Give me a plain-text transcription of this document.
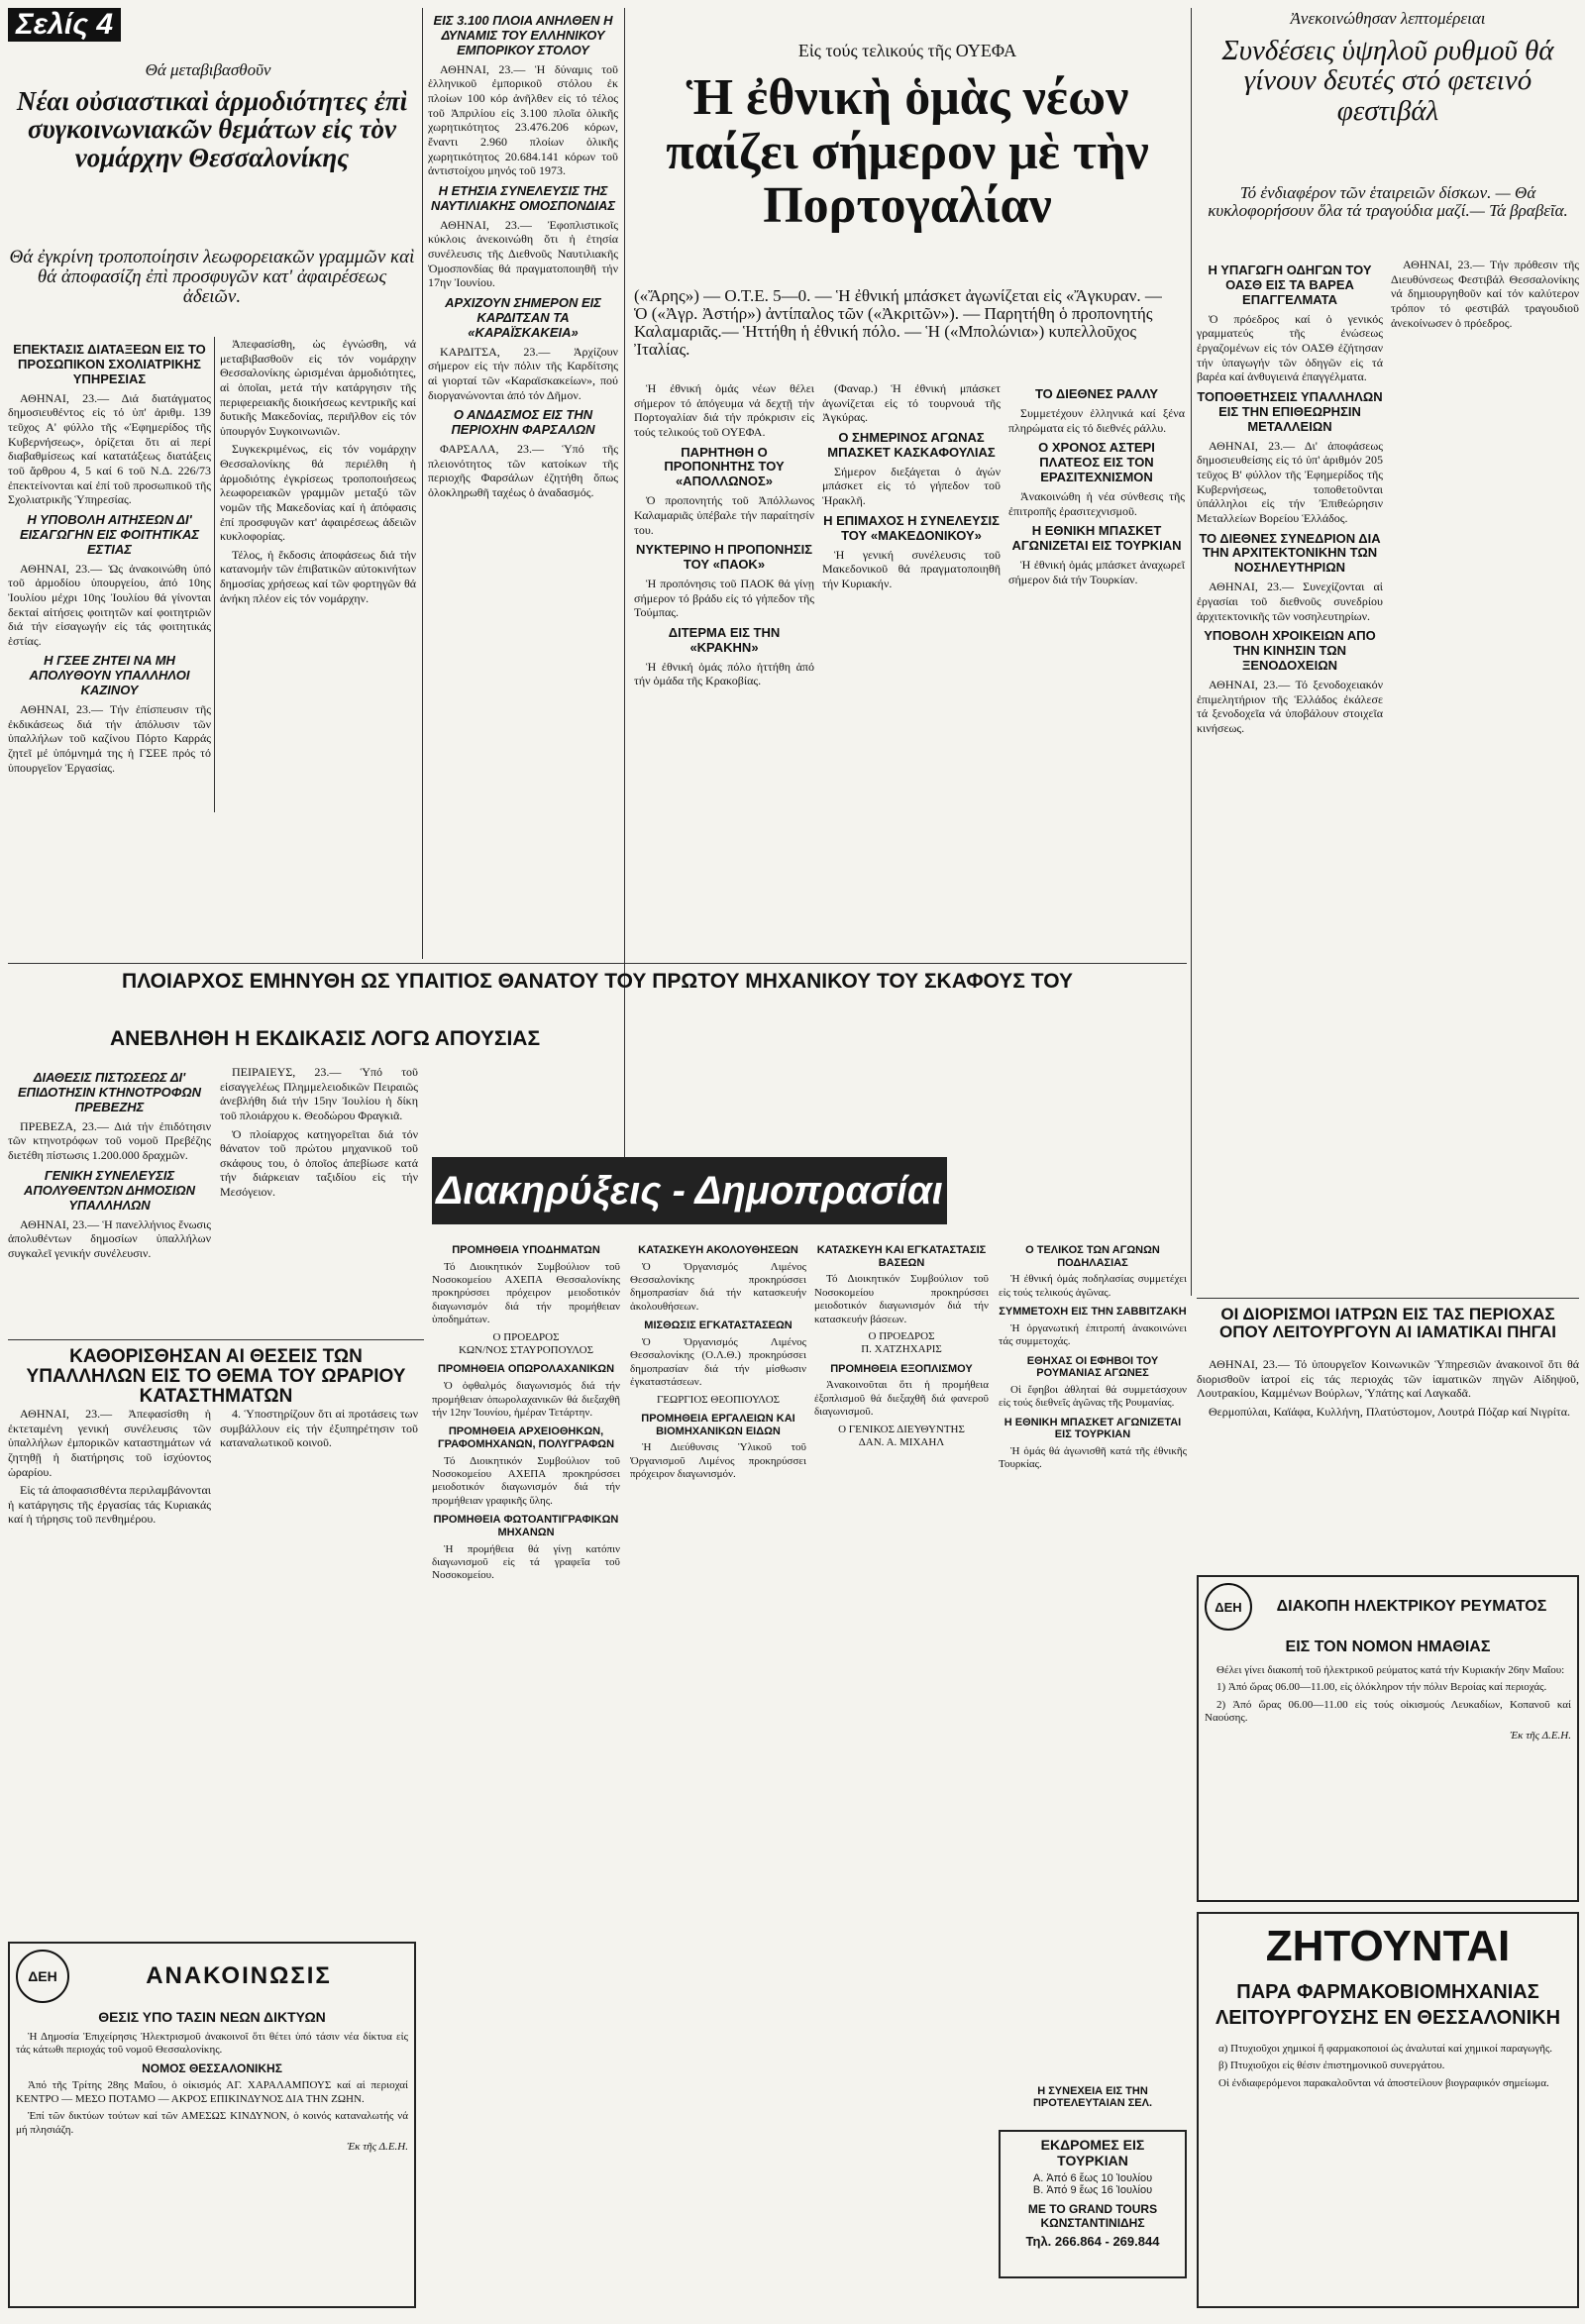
Σελίς 4
Θά μεταβιβασθοῦν
Νέαι οὐσιαστικαὶ ἁρμοδιότητες ἐπὶ συγκοινωνιακῶν θεμάτων εἰς τὸν νομάρχην Θεσσαλονίκης
Θά ἐγκρίνη τροποποίησιν λεωφορειακῶν γραμμῶν καὶ θά ἀποφασίζη ἐπὶ προσφυγῶν κατ' ἀφαιρέσεως ἀδειῶν.
ΕΠΕΚΤΑΣΙΣ ΔΙΑΤΑΞΕΩΝ ΕΙΣ ΤΟ ΠΡΟΣΩΠΙΚΟΝ ΣΧΟΛΙΑΤΡΙΚΗΣ ΥΠΗΡΕΣΙΑΣ

ΑΘΗΝΑΙ, 23.— Διά διατάγματος δημοσιευθέντος εἰς τό ὑπ' ἀριθμ. 139 τεῦχος Α' φύλλο τῆς «Ἐφημερίδος τῆς Κυβερνήσεως», ὁρίζεται ὅτι αἱ περί διαβαθμίσεως καί κατατάξεως διατάξεις τοῦ ἄρθρου 4, 5 καί 6 τοῦ Ν.Δ. 226/73 ἐπεκτείνονται καί ἐπί τοῦ προσωπικοῦ τῆς Σχολιατρικῆς Ὑπηρεσίας.

Η ΥΠΟΒΟΛΗ ΑΙΤΗΣΕΩΝ ΔΙ' ΕΙΣΑΓΩΓΗΝ ΕΙΣ ΦΟΙΤΗΤΙΚΑΣ ΕΣΤΙΑΣ

ΑΘΗΝΑΙ, 23.— Ὡς ἀνακοινώθη ὑπό τοῦ ἁρμοδίου ὑπουργείου, ἀπό 10ης Ἰουλίου μέχρι 10ης Ἰουλίου θά γίνονται δεκταί αἰτήσεις φοιτητῶν καί φοιτητριῶν διά τήν εἰσαγωγήν εἰς τάς φοιτητικάς ἑστίας.

Η ΓΣΕΕ ΖΗΤΕΙ ΝΑ ΜΗ ΑΠΟΛΥΘΟΥΝ ΥΠΑΛΛΗΛΟΙ ΚΑΖΙΝΟΥ

ΑΘΗΝΑΙ, 23.— Τήν ἐπίσπευσιν τῆς ἐκδικάσεως διά τήν ἀπόλυσιν τῶν ὑπαλλήλων τοῦ καζίνου Πόρτο Καρράς ζητεῖ μέ ὑπόμνημά της ἡ ΓΣΕΕ πρός τό ὑπουργεῖον Ἐργασίας.

Ἀπεφασίσθη, ὡς ἐγνώσθη, νά μεταβιβασθοῦν εἰς τόν νομάρχην Θεσσαλονίκης ὡρισμέναι ἁρμοδιότητες, αἱ ὁποῖαι, μετά τήν κατάργησιν τῆς περιφερειακῆς διοικήσεως κεντρικῆς καί δυτικῆς Μακεδονίας, περιῆλθον εἰς τόν ὑπουργόν Συγκοινωνιῶν.

Συγκεκριμένως, εἰς τόν νομάρχην Θεσσαλονίκης θά περιέλθη ἡ ἁρμοδιότης ἐγκρίσεως τροποποιήσεως λεωφορειακῶν γραμμῶν μεταξύ τῶν νομῶν τῆς Μακεδονίας καί ἡ ἀπόφασις ἐπί προσφυγῶν κατ' ἀφαιρέσεως ἀδειῶν κυκλοφορίας.

Τέλος, ἡ ἔκδοσις ἀποφάσεως διά τήν κατανομήν τῶν ἐπιβατικῶν αὐτοκινήτων δημοσίας χρήσεως καί τῶν φορτηγῶν θά ἀνήκη πλέον εἰς τόν νομάρχην.

ΕΙΣ 3.100 ΠΛΟΙΑ ΑΝΗΛΘΕΝ Η ΔΥΝΑΜΙΣ ΤΟΥ ΕΛΛΗΝΙΚΟΥ ΕΜΠΟΡΙΚΟΥ ΣΤΟΛΟΥ

ΑΘΗΝΑΙ, 23.— Ἡ δύναμις τοῦ ἑλληνικοῦ ἐμπορικοῦ στόλου ἐκ πλοίων 100 κόρ ἀνῆλθεν εἰς τό τέλος τοῦ Ἀπριλίου εἰς 3.100 πλοῖα ὁλικῆς χωρητικότητος 23.476.206 κόρων, ἔναντι 2.960 πλοίων ὁλικῆς χωρητικότητος 20.684.141 κόρων τοῦ ἀντιστοίχου μηνός τοῦ 1973.

Η ΕΤΗΣΙΑ ΣΥΝΕΛΕΥΣΙΣ ΤΗΣ ΝΑΥΤΙΛΙΑΚΗΣ ΟΜΟΣΠΟΝΔΙΑΣ

ΑΘΗΝΑΙ, 23.— Ἐφοπλιστικοῖς κύκλοις ἀνεκοινώθη ὅτι ἡ ἐτησία συνέλευσις τῆς Διεθνοῦς Ναυτιλιακῆς Ὁμοσπονδίας θά πραγματοποιηθῆ τήν 17ην Ἰουνίου.

ΑΡΧΙΖΟΥΝ ΣΗΜΕΡΟΝ ΕΙΣ ΚΑΡΔΙΤΣΑΝ ΤΑ «ΚΑΡΑΪΣΚΑΚΕΙΑ»

ΚΑΡΔΙΤΣΑ, 23.— Ἀρχίζουν σήμερον εἰς τήν πόλιν τῆς Καρδίτσης αἱ γιορταί τῶν «Καραϊσκακείων», πού διοργανώνονται ἀπό τόν Δῆμον.

Ο ΑΝΔΑΣΜΟΣ ΕΙΣ ΤΗΝ ΠΕΡΙΟΧΗΝ ΦΑΡΣΑΛΩΝ

ΦΑΡΣΑΛΑ, 23.— Ὑπό τῆς πλειονότητος τῶν κατοίκων τῆς περιοχῆς Φαρσάλων ἐζητήθη ὅπως ὁλοκληρωθῆ ταχέως ὁ ἀναδασμός.

Εἰς τούς τελικούς τῆς ΟΥΕΦΑ
Ἡ ἐθνικὴ ὁμὰς νέων παίζει σήμερον μὲ τὴν Πορτογαλίαν
(«Ἄρης») — Ο.Τ.Ε. 5—0. — Ἡ ἐθνική μπάσκετ ἀγωνίζεται εἰς «Ἄγκυραν. — Ὁ («Ἀγρ. Ἀστήρ») ἀντίπαλος τῶν («Ἀκριτῶν»). — Παρητήθη ὁ προπονητής Καλαμαριᾶς.— Ἡττήθη ἡ ἐθνική πόλο. — Ἡ («Μπολώνια») κυπελλοῦχος Ἰταλίας.

Ἡ ἐθνική ὁμάς νέων θέλει σήμερον τό ἀπόγευμα νά δεχτῇ τήν Πορτογαλίαν διά τήν πρόκρισιν εἰς τούς τελικούς τοῦ ΟΥΕΦΑ.

ΠΑΡΗΤΗΘΗ Ο ΠΡΟΠΟΝΗΤΗΣ ΤΟΥ «ΑΠΟΛΛΩΝΟΣ»

Ὁ προπονητής τοῦ Ἀπόλλωνος Καλαμαριᾶς ὑπέβαλε τήν παραίτησίν του.

ΝΥΚΤΕΡΙΝΟ Η ΠΡΟΠΟΝΗΣΙΣ ΤΟΥ «ΠΑΟΚ»

Ἡ προπόνησις τοῦ ΠΑΟΚ θά γίνῃ σήμερον τό βράδυ εἰς τό γήπεδον τῆς Τούμπας.

ΔΙΤΕΡΜΑ ΕΙΣ ΤΗΝ «ΚΡΑΚΗΝ»

Ἡ ἐθνική ὁμάς πόλο ἡττήθη ἀπό τήν ὁμάδα τῆς Κρακοβίας.

(Φαναρ.) Ἡ ἐθνική μπάσκετ ἀγωνίζεται εἰς τό τουρνουά τῆς Ἀγκύρας.

Ο ΣΗΜΕΡΙΝΟΣ ΑΓΩΝΑΣ ΜΠΑΣΚΕΤ ΚΑΣΚΑΦΟΥΛΙΑΣ

Σήμερον διεξάγεται ὁ ἀγών μπάσκετ εἰς τό γήπεδον τοῦ Ἡρακλῆ.

Η ΕΠΙΜΑΧΟΣ Η ΣΥΝΕΛΕΥΣΙΣ ΤΟΥ «ΜΑΚΕΔΟΝΙΚΟΥ»

Ἡ γενική συνέλευσις τοῦ Μακεδονικοῦ θά πραγματοποιηθῆ τήν Κυριακήν.

ΤΟ ΔΙΕΘΝΕΣ ΡΑΛΛΥ

Συμμετέχουν ἑλληνικά καί ξένα πληρώματα εἰς τό διεθνές ράλλυ.

Ο ΧΡΟΝΟΣ ΑΣΤΕΡΙ ΠΛΑΤΕΟΣ ΕΙΣ ΤΟΝ ΕΡΑΣΙΤΕΧΝΙΣΜΟΝ

Ἀνακοινώθη ἡ νέα σύνθεσις τῆς ἐπιτροπῆς ἐρασιτεχνισμοῦ.

Η ΕΘΝΙΚΗ ΜΠΑΣΚΕΤ ΑΓΩΝΙΖΕΤΑΙ ΕΙΣ ΤΟΥΡΚΙΑΝ

Ἡ ἐθνική ὁμάς μπάσκετ ἀναχωρεῖ σήμερον διά τήν Τουρκίαν.

Ἀνεκοινώθησαν λεπτομέρειαι
Συνδέσεις ὑψηλοῦ ρυθμοῦ θά γίνουν δευτές στό φετεινό φεστιβάλ
Τό ἐνδιαφέρον τῶν ἑταιρειῶν δίσκων. — Θά κυκλοφορήσουν ὅλα τά τραγούδια μαζί.— Τά βραβεῖα.
Η ΥΠΑΓΩΓΗ ΟΔΗΓΩΝ ΤΟΥ ΟΑΣΘ ΕΙΣ ΤΑ ΒΑΡΕΑ ΕΠΑΓΓΕΛΜΑΤΑ

Ὁ πρόεδρος καί ὁ γενικός γραμματεύς τῆς ἐνώσεως ἐργαζομένων εἰς τόν ΟΑΣΘ ἐζήτησαν τήν ὑπαγωγήν τῶν ὁδηγῶν εἰς τά βαρέα καί ἀνθυγιεινά ἐπαγγέλματα.

ΤΟΠΟΘΕΤΗΣΕΙΣ ΥΠΑΛΛΗΛΩΝ ΕΙΣ ΤΗΝ ΕΠΙΘΕΩΡΗΣΙΝ ΜΕΤΑΛΛΕΙΩΝ

ΑΘΗΝΑΙ, 23.— Δι' ἀποφάσεως δημοσιευθείσης εἰς τό ὑπ' ἀριθμόν 205 τεῦχος Β' φύλλον τῆς Ἐφημερίδος τῆς Κυβερνήσεως, τοποθετοῦνται ὑπάλληλοι εἰς τήν Ἐπιθεώρησιν Μεταλλείων Βορείου Ἑλλάδος.

ΤΟ ΔΙΕΘΝΕΣ ΣΥΝΕΔΡΙΟΝ ΔΙΑ ΤΗΝ ΑΡΧΙΤΕΚΤΟΝΙΚΗΝ ΤΩΝ ΝΟΣΗΛΕΥΤΗΡΙΩΝ

ΑΘΗΝΑΙ, 23.— Συνεχίζονται αἱ ἐργασίαι τοῦ διεθνοῦς συνεδρίου ἀρχιτεκτονικῆς τῶν νοσηλευτηρίων.

ΥΠΟΒΟΛΗ ΧΡΟΙΚΕΙΩΝ ΑΠΟ ΤΗΝ ΚΙΝΗΣΙΝ ΤΩΝ ΞΕΝΟΔΟΧΕΙΩΝ

ΑΘΗΝΑΙ, 23.— Τό ξενοδοχειακόν ἐπιμελητήριον τῆς Ἑλλάδος ἐκάλεσε τά ξενοδοχεῖα νά ὑποβάλουν στοιχεῖα κινήσεως.

ΑΘΗΝΑΙ, 23.— Τήν πρόθεσιν τῆς Διευθύνσεως Φεστιβάλ Θεσσαλονίκης νά δημιουργηθοῦν καί τόν καλύτερον τρόπον τό φεστιβάλ τραγουδιοῦ ἀνεκοίνωσεν ὁ πρόεδρος.

ΠΛΟΙΑΡΧΟΣ ΕΜΗΝΥΘΗ ΩΣ ΥΠΑΙΤΙΟΣ ΘΑΝΑΤΟΥ ΤΟΥ ΠΡΩΤΟΥ ΜΗΧΑΝΙΚΟΥ ΤΟΥ ΣΚΑΦΟΥΣ ΤΟΥ
ΑΝΕΒΛΗΘΗ Η ΕΚΔΙΚΑΣΙΣ ΛΟΓΩ ΑΠΟΥΣΙΑΣ
ΔΙΑΘΕΣΙΣ ΠΙΣΤΩΣΕΩΣ ΔΙ' ΕΠΙΔΟΤΗΣΙΝ ΚΤΗΝΟΤΡΟΦΩΝ ΠΡΕΒΕΖΗΣ

ΠΡΕΒΕΖΑ, 23.— Διά τήν ἐπιδότησιν τῶν κτηνοτρόφων τοῦ νομοῦ Πρεβέζης διετέθη πίστωσις 1.200.000 δραχμῶν.

ΓΕΝΙΚΗ ΣΥΝΕΛΕΥΣΙΣ ΑΠΟΛΥΘΕΝΤΩΝ ΔΗΜΟΣΙΩΝ ΥΠΑΛΛΗΛΩΝ

ΑΘΗΝΑΙ, 23.— Ἡ πανελλήνιος ἕνωσις ἀπολυθέντων δημοσίων ὑπαλλήλων συγκαλεῖ γενικήν συνέλευσιν.

ΠΕΙΡΑΙΕΥΣ, 23.— Ὑπό τοῦ εἰσαγγελέως Πλημμελειοδικῶν Πειραιῶς ἀνεβλήθη διά τήν 15ην Ἰουλίου ἡ δίκη τοῦ πλοιάρχου κ. Θεοδώρου Φραγκιᾶ.

Ὁ πλοίαρχος κατηγορεῖται διά τόν θάνατον τοῦ πρώτου μηχανικοῦ τοῦ σκάφους του, ὁ ὁποῖος ἀπεβίωσε κατά τήν διάρκειαν ταξιδίου εἰς τήν Μεσόγειον.

ΚΑΘΟΡΙΣΘΗΣΑΝ ΑΙ ΘΕΣΕΙΣ ΤΩΝ ΥΠΑΛΛΗΛΩΝ ΕΙΣ ΤΟ ΘΕΜΑ ΤΟΥ ΩΡΑΡΙΟΥ ΚΑΤΑΣΤΗΜΑΤΩΝ

ΑΘΗΝΑΙ, 23.— Ἀπεφασίσθη ἡ ἐκτεταμένη γενική συνέλευσις τῶν ὑπαλλήλων ἐμπορικῶν καταστημάτων νά ζητηθῇ ἡ διατήρησις τοῦ ἰσχύοντος ὡραρίου.

Εἰς τά ἀποφασισθέντα περιλαμβάνονται ἡ κατάργησις τῆς ἐργασίας τάς Κυριακάς καί ἡ τήρησις τοῦ πενθημέρου.

4. Ὑποστηρίζουν ὅτι αἱ προτάσεις των συμβάλλουν εἰς τήν ἐξυπηρέτησιν τοῦ καταναλωτικοῦ κοινοῦ.

ΔΕΗ	ΑΝΑΚΟΙΝΩΣΙΣ
ΘΕΣΙΣ ΥΠΟ ΤΑΣΙΝ ΝΕΩΝ ΔΙΚΤΥΩΝ

Ἡ Δημοσία Ἐπιχείρησις Ἠλεκτρισμοῦ ἀνακοινοῖ ὅτι θέτει ὑπό τάσιν νέα δίκτυα εἰς τάς κάτωθι περιοχάς τοῦ νομοῦ Θεσσαλονίκης.

ΝΟΜΟΣ ΘΕΣΣΑΛΟΝΙΚΗΣ

Ἀπό τῆς Τρίτης 28ης Μαΐου, ὁ οἰκισμός ΑΓ. ΧΑΡΑΛΑΜΠΟΥΣ καί αἱ περιοχαί ΚΕΝΤΡΟ — ΜΕΣΟ ΠΟΤΑΜΟ — ΑΚΡΟΣ ΕΠΙΚΙΝΔΥΝΟΣ ΔΙΑ ΤΗΝ ΖΩΗΝ.

Ἐπί τῶν δικτύων τούτων καί τῶν ΑΜΕΣΩΣ ΚΙΝΔΥΝΟΝ, ὁ κοινός καταναλωτής νά μή πλησιάζη.

Ἐκ τῆς Δ.Ε.Η.
Διακηρύξεις - Δημοπρασίαι
ΠΡΟΜΗΘΕΙΑ ΥΠΟΔΗΜΑΤΩΝ

Τό Διοικητικόν Συμβούλιον τοῦ Νοσοκομείου ΑΧΕΠΑ Θεσσαλονίκης προκηρύσσει πρόχειρον μειοδοτικόν διαγωνισμόν διά τήν προμήθειαν ὑποδημάτων.

Ο ΠΡΟΕΔΡΟΣ
ΚΩΝ/ΝΟΣ ΣΤΑΥΡΟΠΟΥΛΟΣ
ΠΡΟΜΗΘΕΙΑ ΟΠΩΡΟΛΑΧΑΝΙΚΩΝ

Ὁ ὀφθαλμός διαγωνισμός διά τήν προμήθειαν ὀπωρολαχανικῶν θά διεξαχθῆ τήν 12ην Ἰουνίου, ἡμέραν Τετάρτην.

ΠΡΟΜΗΘΕΙΑ ΑΡΧΕΙΟΘΗΚΩΝ, ΓΡΑΦΟΜΗΧΑΝΩΝ, ΠΟΛΥΓΡΑΦΩΝ

Τό Διοικητικόν Συμβούλιον τοῦ Νοσοκομείου ΑΧΕΠΑ προκηρύσσει μειοδοτικόν διαγωνισμόν διά τήν προμήθειαν γραφικῆς ὕλης.

ΠΡΟΜΗΘΕΙΑ ΦΩΤΟΑΝΤΙΓΡΑΦΙΚΩΝ ΜΗΧΑΝΩΝ

Ἡ προμήθεια θά γίνῃ κατόπιν διαγωνισμοῦ εἰς τά γραφεῖα τοῦ Νοσοκομείου.

ΚΑΤΑΣΚΕΥΗ ΑΚΟΛΟΥΘΗΣΕΩΝ

Ὁ Ὀργανισμός Λιμένος Θεσσαλονίκης προκηρύσσει δημοπρασίαν διά τήν κατασκευήν ἀκολουθήσεων.

ΜΙΣΘΩΣΙΣ ΕΓΚΑΤΑΣΤΑΣΕΩΝ

Ὁ Ὀργανισμός Λιμένος Θεσσαλονίκης (Ο.Λ.Θ.) προκηρύσσει δημοπρασίαν διά τήν μίσθωσιν ἐγκαταστάσεων.

ΓΕΩΡΓΙΟΣ ΘΕΟΠΙΟΥΛΟΣ
ΠΡΟΜΗΘΕΙΑ ΕΡΓΑΛΕΙΩΝ ΚΑΙ ΒΙΟΜΗΧΑΝΙΚΩΝ ΕΙΔΩΝ

Ἡ Διεύθυνσις Ὑλικοῦ τοῦ Ὀργανισμοῦ Λιμένος προκηρύσσει πρόχειρον διαγωνισμόν.

ΚΑΤΑΣΚΕΥΗ ΚΑΙ ΕΓΚΑΤΑΣΤΑΣΙΣ ΒΑΣΕΩΝ

Τό Διοικητικόν Συμβούλιον τοῦ Νοσοκομείου προκηρύσσει μειοδοτικόν διαγωνισμόν διά τήν κατασκευήν βάσεων.

Ο ΠΡΟΕΔΡΟΣ
Π. ΧΑΤΖΗΧΑΡΙΣ
ΠΡΟΜΗΘΕΙΑ ΕΞΟΠΛΙΣΜΟΥ

Ἀνακοινοῦται ὅτι ἡ προμήθεια ἐξοπλισμοῦ θά διεξαχθῆ διά φανεροῦ διαγωνισμοῦ.

Ο ΓΕΝΙΚΟΣ ΔΙΕΥΘΥΝΤΗΣ
ΔΑΝ. Α. ΜΙΧΑΗΛ
Ο ΤΕΛΙΚΟΣ ΤΩΝ ΑΓΩΝΩΝ ΠΟΔΗΛΑΣΙΑΣ

Ἡ ἐθνική ὁμάς ποδηλασίας συμμετέχει εἰς τούς τελικούς ἀγῶνας.

ΣΥΜΜΕΤΟΧΗ ΕΙΣ ΤΗΝ ΣΑΒΒΙΤΖΑΚΗ

Ἡ ὀργανωτική ἐπιτροπή ἀνακοινώνει τάς συμμετοχάς.

ΕΘΗΧΑΣ ΟΙ ΕΦΗΒΟΙ ΤΟΥ ΡΟΥΜΑΝΙΑΣ ΑΓΩΝΕΣ

Οἱ ἔφηβοι ἀθληταί θά συμμετάσχουν εἰς τούς διεθνεῖς ἀγῶνας τῆς Ρουμανίας.

Η ΕΘΝΙΚΗ ΜΠΑΣΚΕΤ ΑΓΩΝΙΖΕΤΑΙ ΕΙΣ ΤΟΥΡΚΙΑΝ

Ἡ ὁμάς θά ἀγωνισθῆ κατά τῆς ἐθνικῆς Τουρκίας.

Η ΣΥΝΕΧΕΙΑ ΕΙΣ ΤΗΝ ΠΡΟΤΕΛΕΥΤΑΙΑΝ ΣΕΛ.
ΕΚΔΡΟΜΕΣ ΕΙΣ ΤΟΥΡΚΙΑΝ
Α. Ἀπό 6 ἕως 10 Ἰουλίου
Β. Ἀπό 9 ἕως 16 Ἰουλίου
ΜΕ ΤΟ GRAND TOURS ΚΩΝΣΤΑΝΤΙΝΙΔΗΣ
Τηλ. 266.864 - 269.844
ΟΙ ΔΙΟΡΙΣΜΟΙ ΙΑΤΡΩΝ ΕΙΣ ΤΑΣ ΠΕΡΙΟΧΑΣ ΟΠΟΥ ΛΕΙΤΟΥΡΓΟΥΝ ΑΙ ΙΑΜΑΤΙΚΑΙ ΠΗΓΑΙ

ΑΘΗΝΑΙ, 23.— Τό ὑπουργεῖον Κοινωνικῶν Ὑπηρεσιῶν ἀνακοινοῖ ὅτι θά διορισθοῦν ἰατροί εἰς τάς περιοχάς τῶν ἰαματικῶν πηγῶν Αἰδηψοῦ, Λουτρακίου, Καμμένων Βούρλων, Ὑπάτης καί Λαγκαδᾶ.

Θερμοπύλαι, Καϊάφα, Κυλλήνη, Πλατύστομον, Λουτρά Πόζαρ καί Νιγρίτα.

ΔΕΗ	ΔΙΑΚΟΠΗ ΗΛΕΚΤΡΙΚΟΥ ΡΕΥΜΑΤΟΣ
ΕΙΣ ΤΟΝ ΝΟΜΟΝ ΗΜΑΘΙΑΣ

Θέλει γίνει διακοπή τοῦ ἠλεκτρικοῦ ρεύματος κατά τήν Κυριακήν 26ην Μαΐου:

1) Ἀπό ὥρας 06.00—11.00, εἰς ὁλόκληρον τήν πόλιν Βεροίας καί περιοχάς.

2) Ἀπό ὥρας 06.00—11.00 εἰς τούς οἰκισμούς Λευκαδίων, Κοπανοῦ καί Ναούσης.

Ἐκ τῆς Δ.Ε.Η.
ΖΗΤΟΥΝΤΑΙ
ΠΑΡΑ ΦΑΡΜΑΚΟΒΙΟΜΗΧΑΝΙΑΣ ΛΕΙΤΟΥΡΓΟΥΣΗΣ ΕΝ ΘΕΣΣΑΛΟΝΙΚΗ

α) Πτυχιοῦχοι χημικοί ἤ φαρμακοποιοί ὡς ἀναλυταί καί χημικοί παραγωγῆς.

β) Πτυχιοῦχοι εἰς θέσιν ἐπιστημονικοῦ συνεργάτου.

Οἱ ἐνδιαφερόμενοι παρακαλοῦνται νά ἀποστείλουν βιογραφικόν σημείωμα.
